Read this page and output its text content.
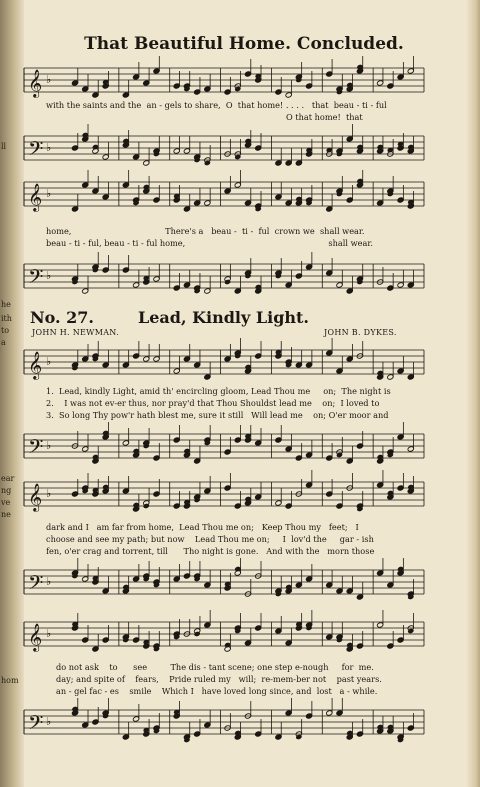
ll
he
ith
to
a
ear
ng
ve
ne
hom
That Beautiful Home. Concluded.
𝄞 ♭
with the saints and the  an - gels to share,  O  that home! . . . .   that  beau - ti - ful
O that home!  that
𝄢 ♭
𝄞 ♭
home,                                    There's a   beau -  ti -  ful  crown we  shall wear.
beau - ti - ful, beau - ti - ful home,                                                       shall wear.
𝄢 ♭
No. 27.	Lead, Kindly Light.
JOHN H. NEWMAN.	JOHN B. DYKES.
𝄞 ♭
1.  Lead, kindly Light, amid th' encircling gloom, Lead Thou me     on;  The night is
2.    I was not ev-er thus, nor pray'd that Thou Shouldst lead me    on;  I loved to
3.  So long Thy pow'r hath blest me, sure it still   Will lead me    on; O'er moor and
𝄢 ♭
𝄞 ♭
dark and I   am far from home,  Lead Thou me on;   Keep Thou my   feet;   I
choose and see my path; but now    Lead Thou me on;     I  lov'd the     gar - ish
fen, o'er crag and torrent, till      Tho night is gone.   And with the   morn those
𝄢 ♭
𝄞 ♭
do not ask    to      see         The dis - tant scene; one step e-nough     for  me.
day; and spite of    fears,    Pride ruled my   will;  re-mem-ber not    past years.
an - gel fac - es    smile    Which I   have loved long since, and  lost   a - while.
𝄢 ♭
